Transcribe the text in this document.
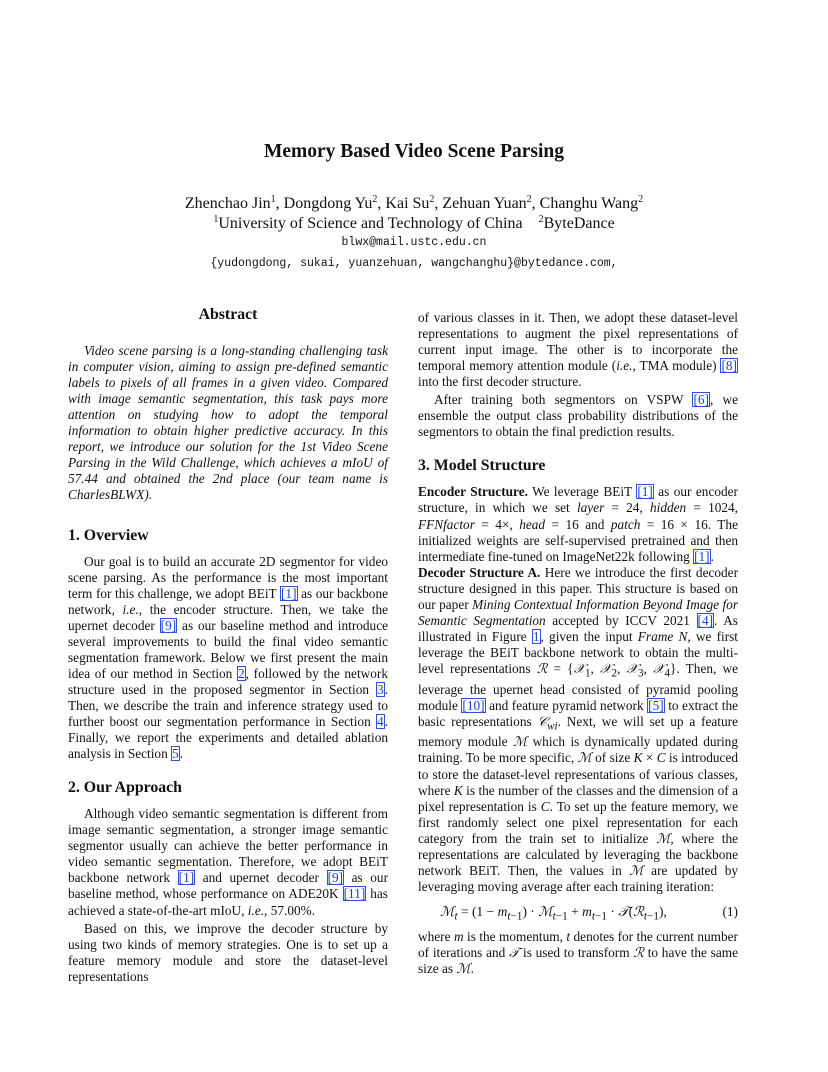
Memory Based Video Scene Parsing
Zhenchao Jin$^1$, Dongdong Yu$^2$, Kai Su$^2$, Zehuan Yuan$^2$, Changhu Wang$^2$
$^1$University of Science and Technology of China $^2$ByteDance
blwx@mail.ustc.edu.cn
{yudongdong, sukai, yuanzehuan, wangchanghu}@bytedance.com,
Abstract

Video scene parsing is a long-standing challenging task in computer vision, aiming to assign pre-defined semantic labels to pixels of all frames in a given video. Compared with image semantic segmentation, this task pays more attention on studying how to adopt the temporal information to obtain higher predictive accuracy. In this report, we introduce our solution for the 1st Video Scene Parsing in the Wild Challenge, which achieves a mIoU of 57.44 and obtained the 2nd place (our team name is CharlesBLWX).

1. Overview

Our goal is to build an accurate 2D segmentor for video scene parsing. As the performance is the most important term for this challenge, we adopt BEiT [1] as our backbone network, i.e., the encoder structure. Then, we take the upernet decoder [9] as our baseline method and introduce several improvements to build the final video semantic segmentation framework. Below we first present the main idea of our method in Section 2, followed by the network structure used in the proposed segmentor in Section 3. Then, we describe the train and inference strategy used to further boost our segmentation performance in Section 4. Finally, we report the experiments and detailed ablation analysis in Section 5.

2. Our Approach

Although video semantic segmentation is different from image semantic segmentation, a stronger image semantic segmentor usually can achieve the better performance in video semantic segmentation. Therefore, we adopt BEiT backbone network [1] and upernet decoder [9] as our baseline method, whose performance on ADE20K [11] has achieved a state-of-the-art mIoU, i.e., 57.00%.

Based on this, we improve the decoder structure by using two kinds of memory strategies. One is to set up a feature memory module and store the dataset-level representations

of various classes in it. Then, we adopt these dataset-level representations to augment the pixel representations of current input image. The other is to incorporate the temporal memory attention module (i.e., TMA module) [8] into the first decoder structure.

After training both segmentors on VSPW [6], we ensemble the output class probability distributions of the segmentors to obtain the final prediction results.

3. Model Structure

Encoder Structure. We leverage BEiT [1] as our encoder structure, in which we set layer = 24, hidden = 1024, FFNfactor = 4×, head = 16 and patch = 16 × 16. The initialized weights are self-supervised pretrained and then intermediate fine-tuned on ImageNet22k following [1].

Decoder Structure A. Here we introduce the first decoder structure designed in this paper. This structure is based on our paper Mining Contextual Information Beyond Image for Semantic Segmentation accepted by ICCV 2021 [4]. As illustrated in Figure 1, given the input Frame N, we first leverage the BEiT backbone network to obtain the multi-level representations ℛ = {𝒳$_1$, 𝒳$_2$, 𝒳$_3$, 𝒳$_4$}. Then, we leverage the upernet head consisted of pyramid pooling module [10] and feature pyramid network [5] to extract the basic representations 𝒞$_{wi}$. Next, we will set up a feature memory module ℳ which is dynamically updated during training. To be more specific, ℳ of size K × C is introduced to store the dataset-level representations of various classes, where K is the number of the classes and the dimension of a pixel representation is C. To set up the feature memory, we first randomly select one pixel representation for each category from the train set to initialize ℳ, where the representations are calculated by leveraging the backbone network BEiT. Then, the values in ℳ are updated by leveraging moving average after each training iteration:

ℳ$_t$ = $(1 - m_{t-1})$ · ℳ$_{t-1}$ + $m_{t-1}$ · 𝒯(ℛ$_{t-1}$),	(1)

where m is the momentum, t denotes for the current number of iterations and 𝒯 is used to transform ℛ to have the same size as ℳ.
